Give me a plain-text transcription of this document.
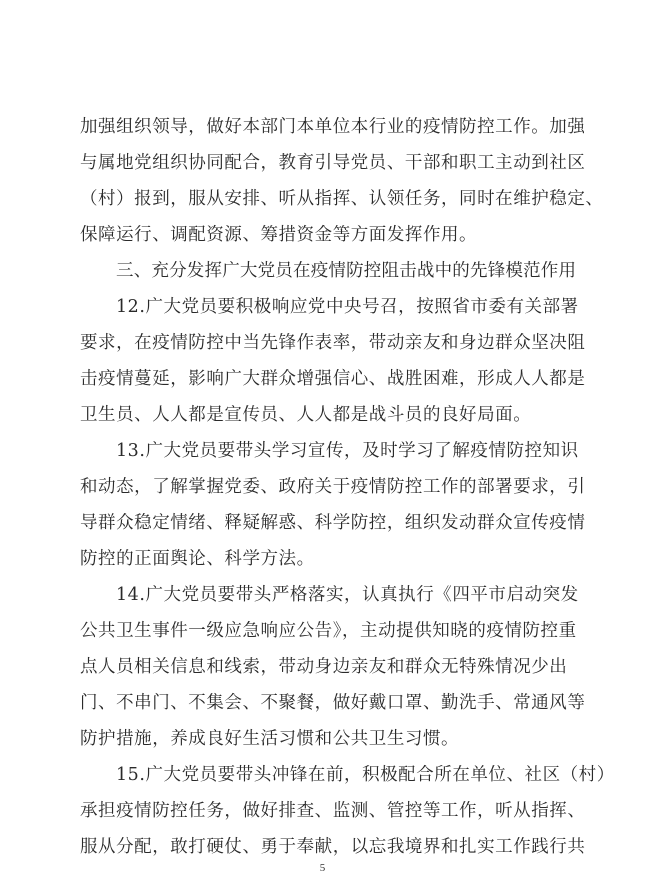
加强组织领导，做好本部门本单位本行业的疫情防控工作。加强
与属地党组织协同配合，教育引导党员、干部和职工主动到社区
（村）报到，服从安排、听从指挥、认领任务，同时在维护稳定、
保障运行、调配资源、筹措资金等方面发挥作用。
三、充分发挥广大党员在疫情防控阻击战中的先锋模范作用
12.广大党员要积极响应党中央号召，按照省市委有关部署
要求，在疫情防控中当先锋作表率，带动亲友和身边群众坚决阻
击疫情蔓延，影响广大群众增强信心、战胜困难，形成人人都是
卫生员、人人都是宣传员、人人都是战斗员的良好局面。
13.广大党员要带头学习宣传，及时学习了解疫情防控知识
和动态，了解掌握党委、政府关于疫情防控工作的部署要求，引
导群众稳定情绪、释疑解惑、科学防控，组织发动群众宣传疫情
防控的正面舆论、科学方法。
14.广大党员要带头严格落实，认真执行《四平市启动突发
公共卫生事件一级应急响应公告》，主动提供知晓的疫情防控重
点人员相关信息和线索，带动身边亲友和群众无特殊情况少出
门、不串门、不集会、不聚餐，做好戴口罩、勤洗手、常通风等
防护措施，养成良好生活习惯和公共卫生习惯。
15.广大党员要带头冲锋在前，积极配合所在单位、社区（村）
承担疫情防控任务，做好排查、监测、管控等工作，听从指挥、
服从分配，敢打硬仗、勇于奉献，以忘我境界和扎实工作践行共
5
